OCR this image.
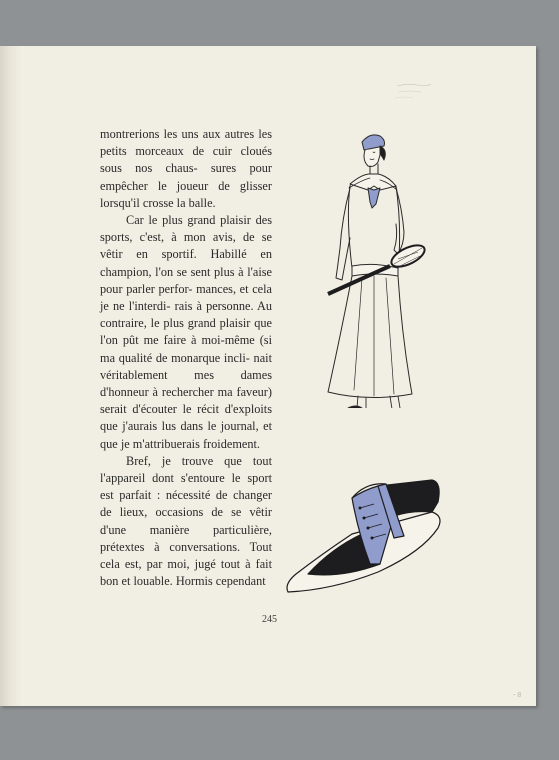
montrerions les uns aux autres les petits morceaux de cuir cloués sous nos chaus- sures pour empêcher le joueur de glisser lorsqu'il crosse la balle.

Car le plus grand plaisir des sports, c'est, à mon avis, de se vêtir en sportif. Habillé en champion, l'on se sent plus à l'aise pour parler perfor- mances, et cela je ne l'interdi- rais à personne. Au contraire, le plus grand plaisir que l'on pût me faire à moi-même (si ma qualité de monarque incli- nait véritablement mes dames d'honneur à rechercher ma faveur) serait d'écouter le récit d'exploits que j'aurais lus dans le journal, et que je m'attribuerais froidement.

Bref, je trouve que tout l'appareil dont s'entoure le sport est parfait : nécessité de changer de lieux, occasions de se vêtir d'une manière particulière, prétextes à conversations. Tout cela est, par moi, jugé tout à fait bon et louable. Hormis cependant

245
- 8
